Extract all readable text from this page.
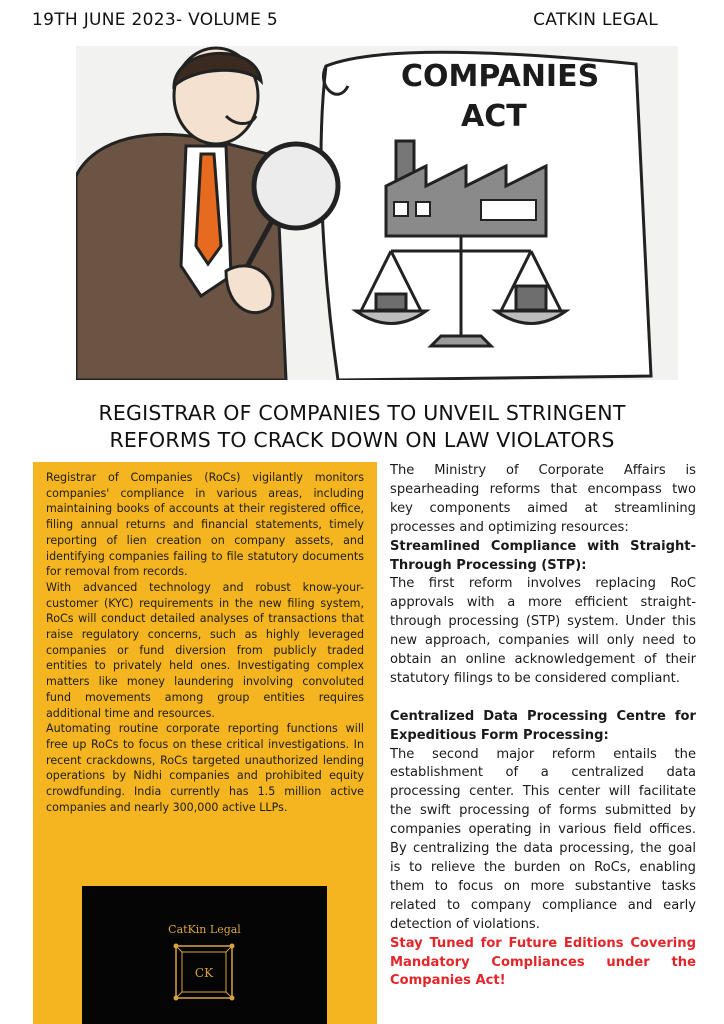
19TH JUNE 2023- VOLUME 5	CATKIN LEGAL
COMPANIES
ACT
REGISTRAR OF COMPANIES TO UNVEIL STRINGENT
REFORMS TO CRACK DOWN ON LAW VIOLATORS

Registrar of Companies (RoCs) vigilantly monitors companies' compliance in various areas, including maintaining books of accounts at their registered office, filing annual returns and financial statements, timely reporting of lien creation on company assets, and identifying companies failing to file statutory documents for removal from records.

With advanced technology and robust know-your-customer (KYC) requirements in the new filing system, RoCs will conduct detailed analyses of transactions that raise regulatory concerns, such as highly leveraged companies or fund diversion from publicly traded entities to privately held ones. Investigating complex matters like money laundering involving convoluted fund movements among group entities requires additional time and resources.

Automating routine corporate reporting functions will free up RoCs to focus on these critical investigations. In recent crackdowns, RoCs targeted unauthorized lending operations by Nidhi companies and prohibited equity crowdfunding. India currently has 1.5 million active companies and nearly 300,000 active LLPs.

CatKin Legal
CK

The Ministry of Corporate Affairs is spearheading reforms that encompass two key components aimed at streamlining processes and optimizing resources:

Streamlined Compliance with Straight-Through Processing (STP):

The first reform involves replacing RoC approvals with a more efficient straight-through processing (STP) system. Under this new approach, companies will only need to obtain an online acknowledgement of their statutory filings to be considered compliant.

Centralized Data Processing Centre for Expeditious Form Processing:

The second major reform entails the establishment of a centralized data processing center. This center will facilitate the swift processing of forms submitted by companies operating in various field offices. By centralizing the data processing, the goal is to relieve the burden on RoCs, enabling them to focus on more substantive tasks related to company compliance and early detection of violations.

Stay Tuned for Future Editions Covering Mandatory Compliances under the Companies Act!
